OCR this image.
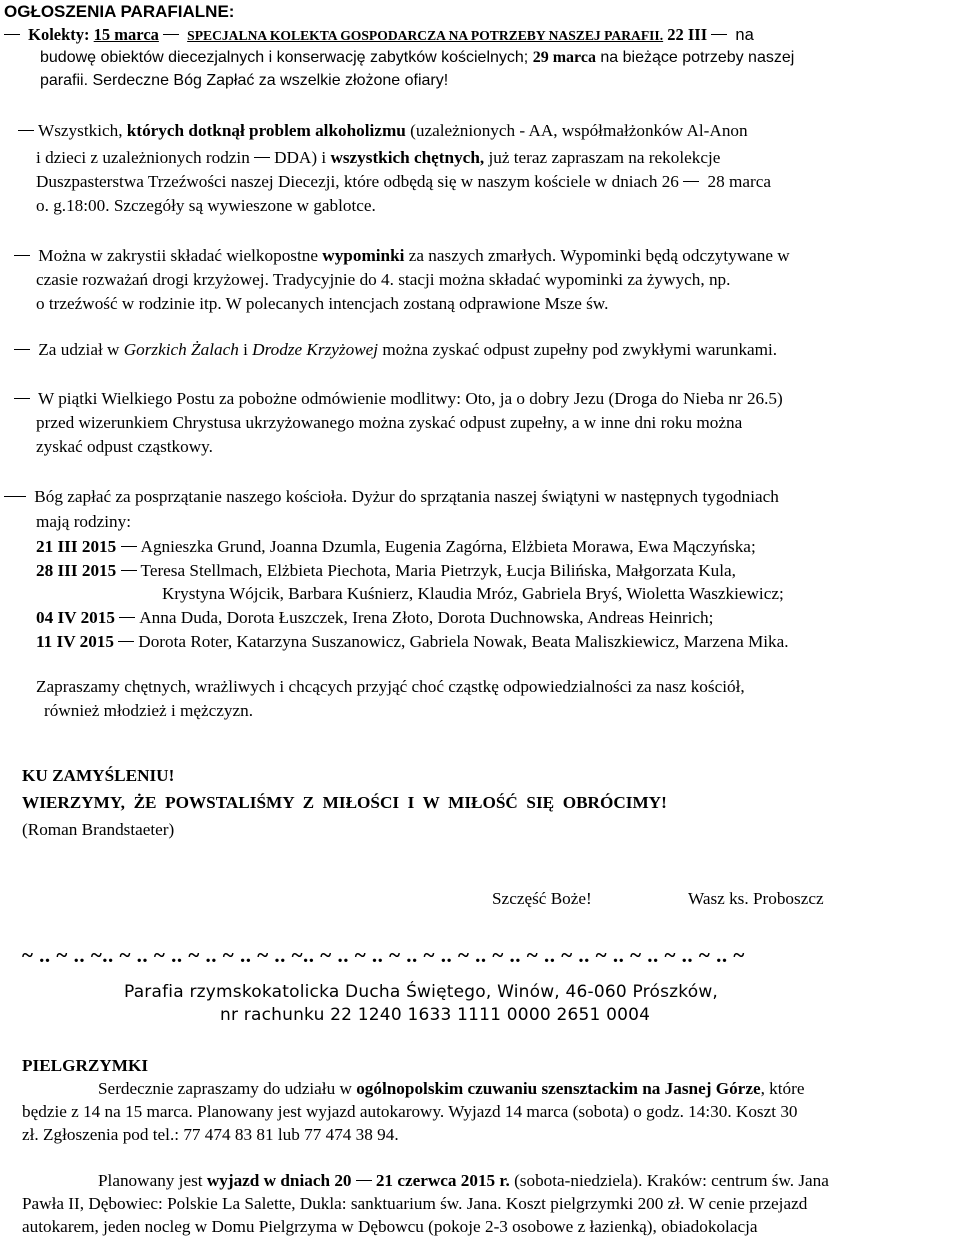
OGŁOSZENIA PARAFIALNE:
Kolekty: 15 marca SPECJALNA KOLEKTA GOSPODARCZA NA POTRZEBY NASZEJ PARAFII. 22 III na
budowę obiektów diecezjalnych i konserwację zabytków kościelnych; 29 marca na bieżące potrzeby naszej
parafii. Serdeczne Bóg Zapłać za wszelkie złożone ofiary!
Wszystkich, których dotknął problem alkoholizmu (uzależnionych - AA, współmałżonków Al-Anon
i dzieci z uzależnionych rodzin DDA) i wszystkich chętnych, już teraz zapraszam na rekolekcje
Duszpasterstwa Trzeźwości naszej Diecezji, które odbędą się w naszym kościele w dniach 26 28 marca
o. g.18:00. Szczegóły są wywieszone w gablotce.
Można w zakrystii składać wielkopostne wypominki za naszych zmarłych. Wypominki będą odczytywane w
czasie rozważań drogi krzyżowej. Tradycyjnie do 4. stacji można składać wypominki za żywych, np.
o trzeźwość w rodzinie itp. W polecanych intencjach zostaną odprawione Msze św.
Za udział w Gorzkich Żalach i Drodze Krzyżowej można zyskać odpust zupełny pod zwykłymi warunkami.
W piątki Wielkiego Postu za pobożne odmówienie modlitwy: Oto, ja o dobry Jezu (Droga do Nieba nr 26.5)
przed wizerunkiem Chrystusa ukrzyżowanego można zyskać odpust zupełny, a w inne dni roku można
zyskać odpust cząstkowy.
Bóg zapłać za posprzątanie naszego kościoła. Dyżur do sprzątania naszej świątyni w następnych tygodniach
mają rodziny:
21 III 2015 Agnieszka Grund, Joanna Dzumla, Eugenia Zagórna, Elżbieta Morawa, Ewa Mączyńska;
28 III 2015 Teresa Stellmach, Elżbieta Piechota, Maria Pietrzyk, Łucja Bilińska, Małgorzata Kula,
Krystyna Wójcik, Barbara Kuśnierz, Klaudia Mróz, Gabriela Bryś, Wioletta Waszkiewicz;
04 IV 2015 Anna Duda, Dorota Łuszczek, Irena Złoto, Dorota Duchnowska, Andreas Heinrich;
11 IV 2015 Dorota Roter, Katarzyna Suszanowicz, Gabriela Nowak, Beata Maliszkiewicz, Marzena Mika.
Zapraszamy chętnych, wrażliwych i chcących przyjąć choć cząstkę odpowiedzialności za nasz kościół,
również młodzież i mężczyzn.
KU ZAMYŚLENIU!
WIERZYMY,  ŻE  POWSTALIŚMY  Z  MIŁOŚCI  I  W  MIŁOŚĆ  SIĘ  OBRÓCIMY!
(Roman Brandstaeter)
Szczęść Boże!	Wasz ks. Proboszcz
~ .. ~ .. ~.. ~ .. ~ .. ~ .. ~ .. ~ .. ~.. ~ .. ~ .. ~ .. ~ .. ~ .. ~ .. ~ .. ~ .. ~ .. ~ .. ~ .. ~ .. ~
Parafia rzymskokatolicka Ducha Świętego, Winów, 46-060 Prószków,
nr rachunku 22 1240 1633 1111 0000 2651 0004
PIELGRZYMKI
Serdecznie zapraszamy do udziału w ogólnopolskim czuwaniu szensztackim na Jasnej Górze, które
będzie z 14 na 15 marca. Planowany jest wyjazd autokarowy. Wyjazd 14 marca (sobota) o godz. 14:30. Koszt 30
zł. Zgłoszenia pod tel.: 77 474 83 81 lub 77 474 38 94.
Planowany jest wyjazd w dniach 20 21 czerwca 2015 r. (sobota-niedziela). Kraków: centrum św. Jana
Pawła II, Dębowiec: Polskie La Salette, Dukla: sanktuarium św. Jana. Koszt pielgrzymki 200 zł. W cenie przejazd
autokarem, jeden nocleg w Domu Pielgrzyma w Dębowcu (pokoje 2-3 osobowe z łazienką), obiadokolacja
